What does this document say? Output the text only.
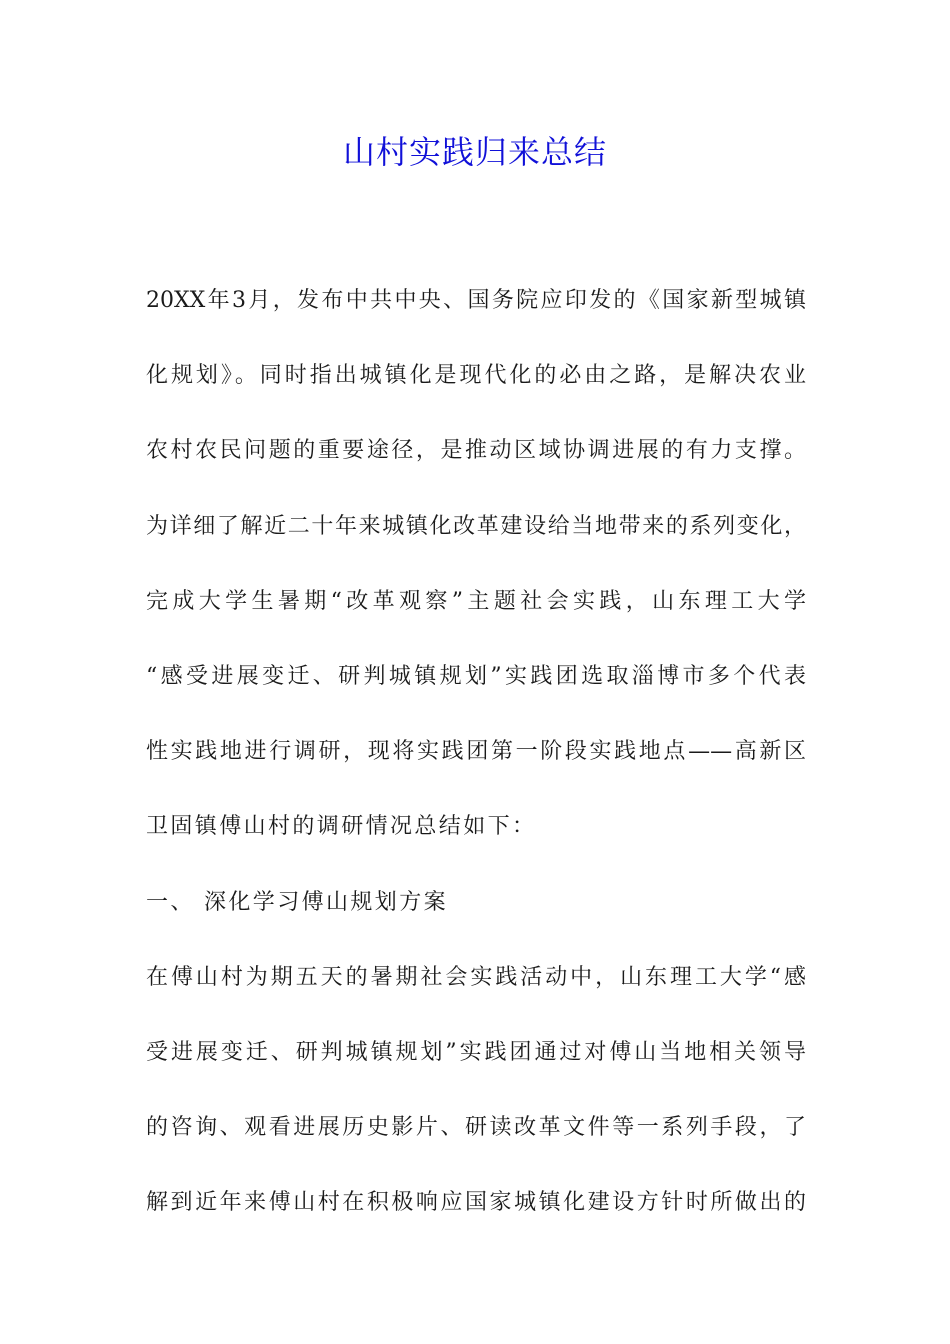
山村实践归来总结
20XX年3月，发布中共中央、国务院应印发的《国家新型城镇
化规划》。同时指出城镇化是现代化的必由之路，是解决农业
农村农民问题的重要途径，是推动区域协调进展的有力支撑。
为详细了解近二十年来城镇化改革建设给当地带来的系列变化，
完成大学生暑期“改革观察”主题社会实践，山东理工大学
“感受进展变迁、研判城镇规划”实践团选取淄博市多个代表
性实践地进行调研，现将实践团第一阶段实践地点——高新区
卫固镇傅山村的调研情况总结如下：
一、 深化学习傅山规划方案
在傅山村为期五天的暑期社会实践活动中，山东理工大学“感
受进展变迁、研判城镇规划”实践团通过对傅山当地相关领导
的咨询、观看进展历史影片、研读改革文件等一系列手段，了
解到近年来傅山村在积极响应国家城镇化建设方针时所做出的
